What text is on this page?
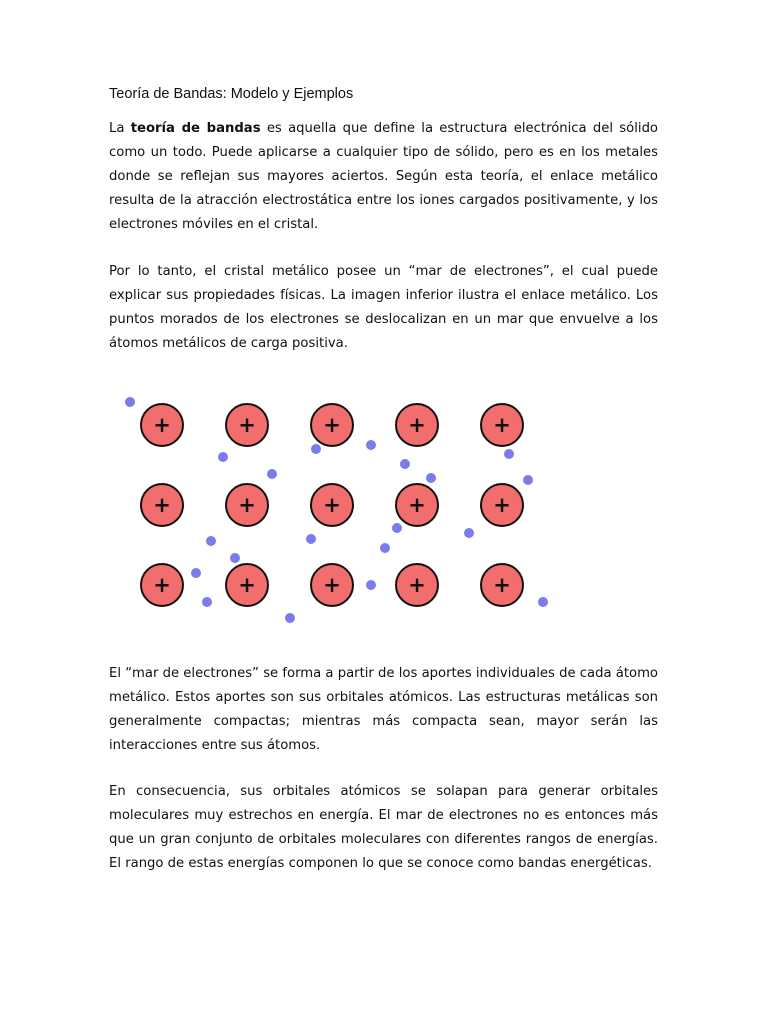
Teoría de Bandas: Modelo y Ejemplos

La teoría de bandas es aquella que define la estructura electrónica del sólido como un todo. Puede aplicarse a cualquier tipo de sólido, pero es en los metales donde se reflejan sus mayores aciertos. Según esta teoría, el enlace metálico resulta de la atracción electrostática entre los iones cargados positivamente, y los electrones móviles en el cristal.

Por lo tanto, el cristal metálico posee un “mar de electrones”, el cual puede explicar sus propiedades físicas. La imagen inferior ilustra el enlace metálico. Los puntos morados de los electrones se deslocalizan en un mar que envuelve a los átomos metálicos de carga positiva.

+	+	+	+	+
+	+	+	+	+
+	+	+	+	+

El “mar de electrones” se forma a partir de los aportes individuales de cada átomo metálico. Estos aportes son sus orbitales atómicos. Las estructuras metálicas son generalmente compactas; mientras más compacta sean, mayor serán las interacciones entre sus átomos.

En consecuencia, sus orbitales atómicos se solapan para generar orbitales moleculares muy estrechos en energía. El mar de electrones no es entonces más que un gran conjunto de orbitales moleculares con diferentes rangos de energías. El rango de estas energías componen lo que se conoce como bandas energéticas.
